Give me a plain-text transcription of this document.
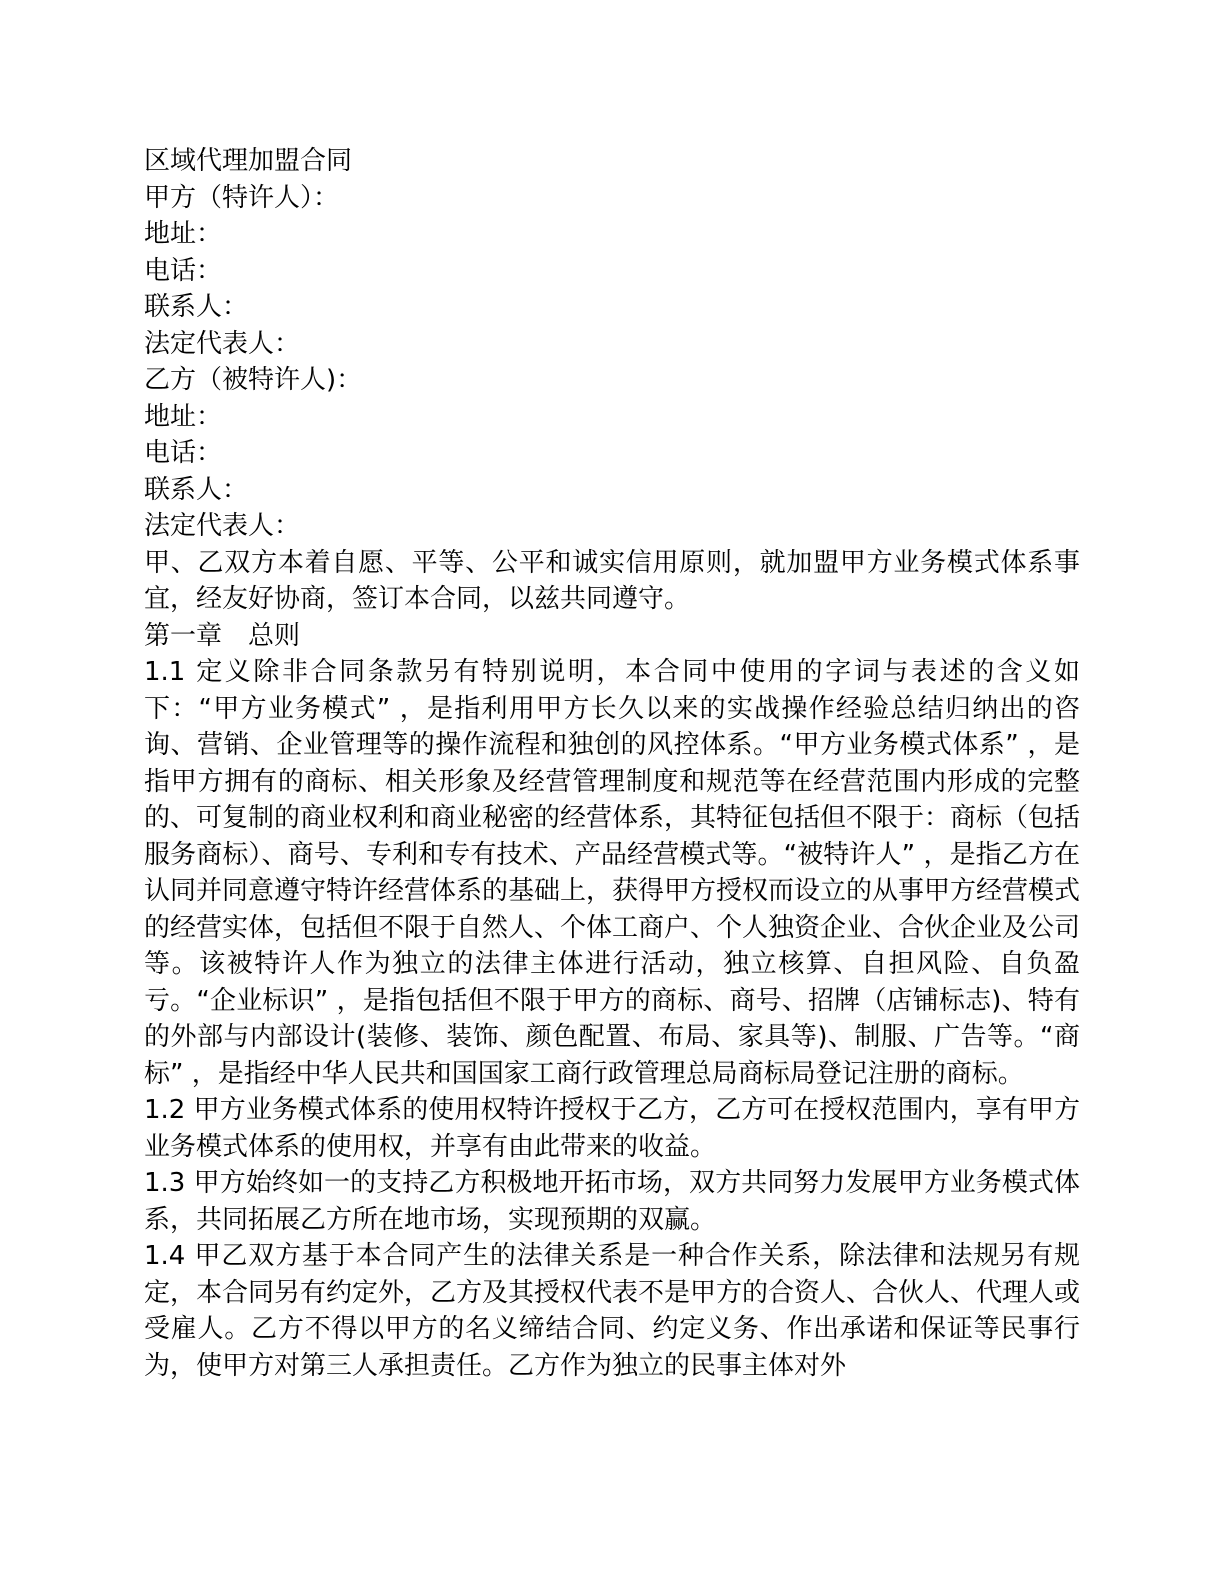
区域代理加盟合同
甲方（特许人）：
地址：
电话：
联系人：
法定代表人：
乙方（被特许人)：
地址：
电话：
联系人：
法定代表人：

甲、乙双方本着自愿、平等、公平和诚实信用原则，就加盟甲方业务模式体系事宜，经友好协商，签订本合同，以兹共同遵守。

第一章　总则

1.1 定义除非合同条款另有特别说明，本合同中使用的字词与表述的含义如下：“甲方业务模式” ，是指利用甲方长久以来的实战操作经验总结归纳出的咨询、营销、企业管理等的操作流程和独创的风控体系。“甲方业务模式体系” ，是指甲方拥有的商标、相关形象及经营管理制度和规范等在经营范围内形成的完整的、可复制的商业权利和商业秘密的经营体系，其特征包括但不限于：商标（包括服务商标）、商号、专利和专有技术、产品经营模式等。“被特许人” ，是指乙方在认同并同意遵守特许经营体系的基础上，获得甲方授权而设立的从事甲方经营模式的经营实体，包括但不限于自然人、个体工商户、个人独资企业、合伙企业及公司等。该被特许人作为独立的法律主体进行活动，独立核算、自担风险、自负盈亏。“企业标识” ，是指包括但不限于甲方的商标、商号、招牌（店铺标志)、特有的外部与内部设计(装修、装饰、颜色配置、布局、家具等)、制服、广告等。“商标” ，是指经中华人民共和国国家工商行政管理总局商标局登记注册的商标。

1.2 甲方业务模式体系的使用权特许授权于乙方，乙方可在授权范围内，享有甲方业务模式体系的使用权，并享有由此带来的收益。

1.3 甲方始终如一的支持乙方积极地开拓市场，双方共同努力发展甲方业务模式体系，共同拓展乙方所在地市场，实现预期的双赢。

1.4 甲乙双方基于本合同产生的法律关系是一种合作关系，除法律和法规另有规定，本合同另有约定外，乙方及其授权代表不是甲方的合资人、合伙人、代理人或受雇人。乙方不得以甲方的名义缔结合同、约定义务、作出承诺和保证等民事行为，使甲方对第三人承担责任。乙方作为独立的民事主体对外
